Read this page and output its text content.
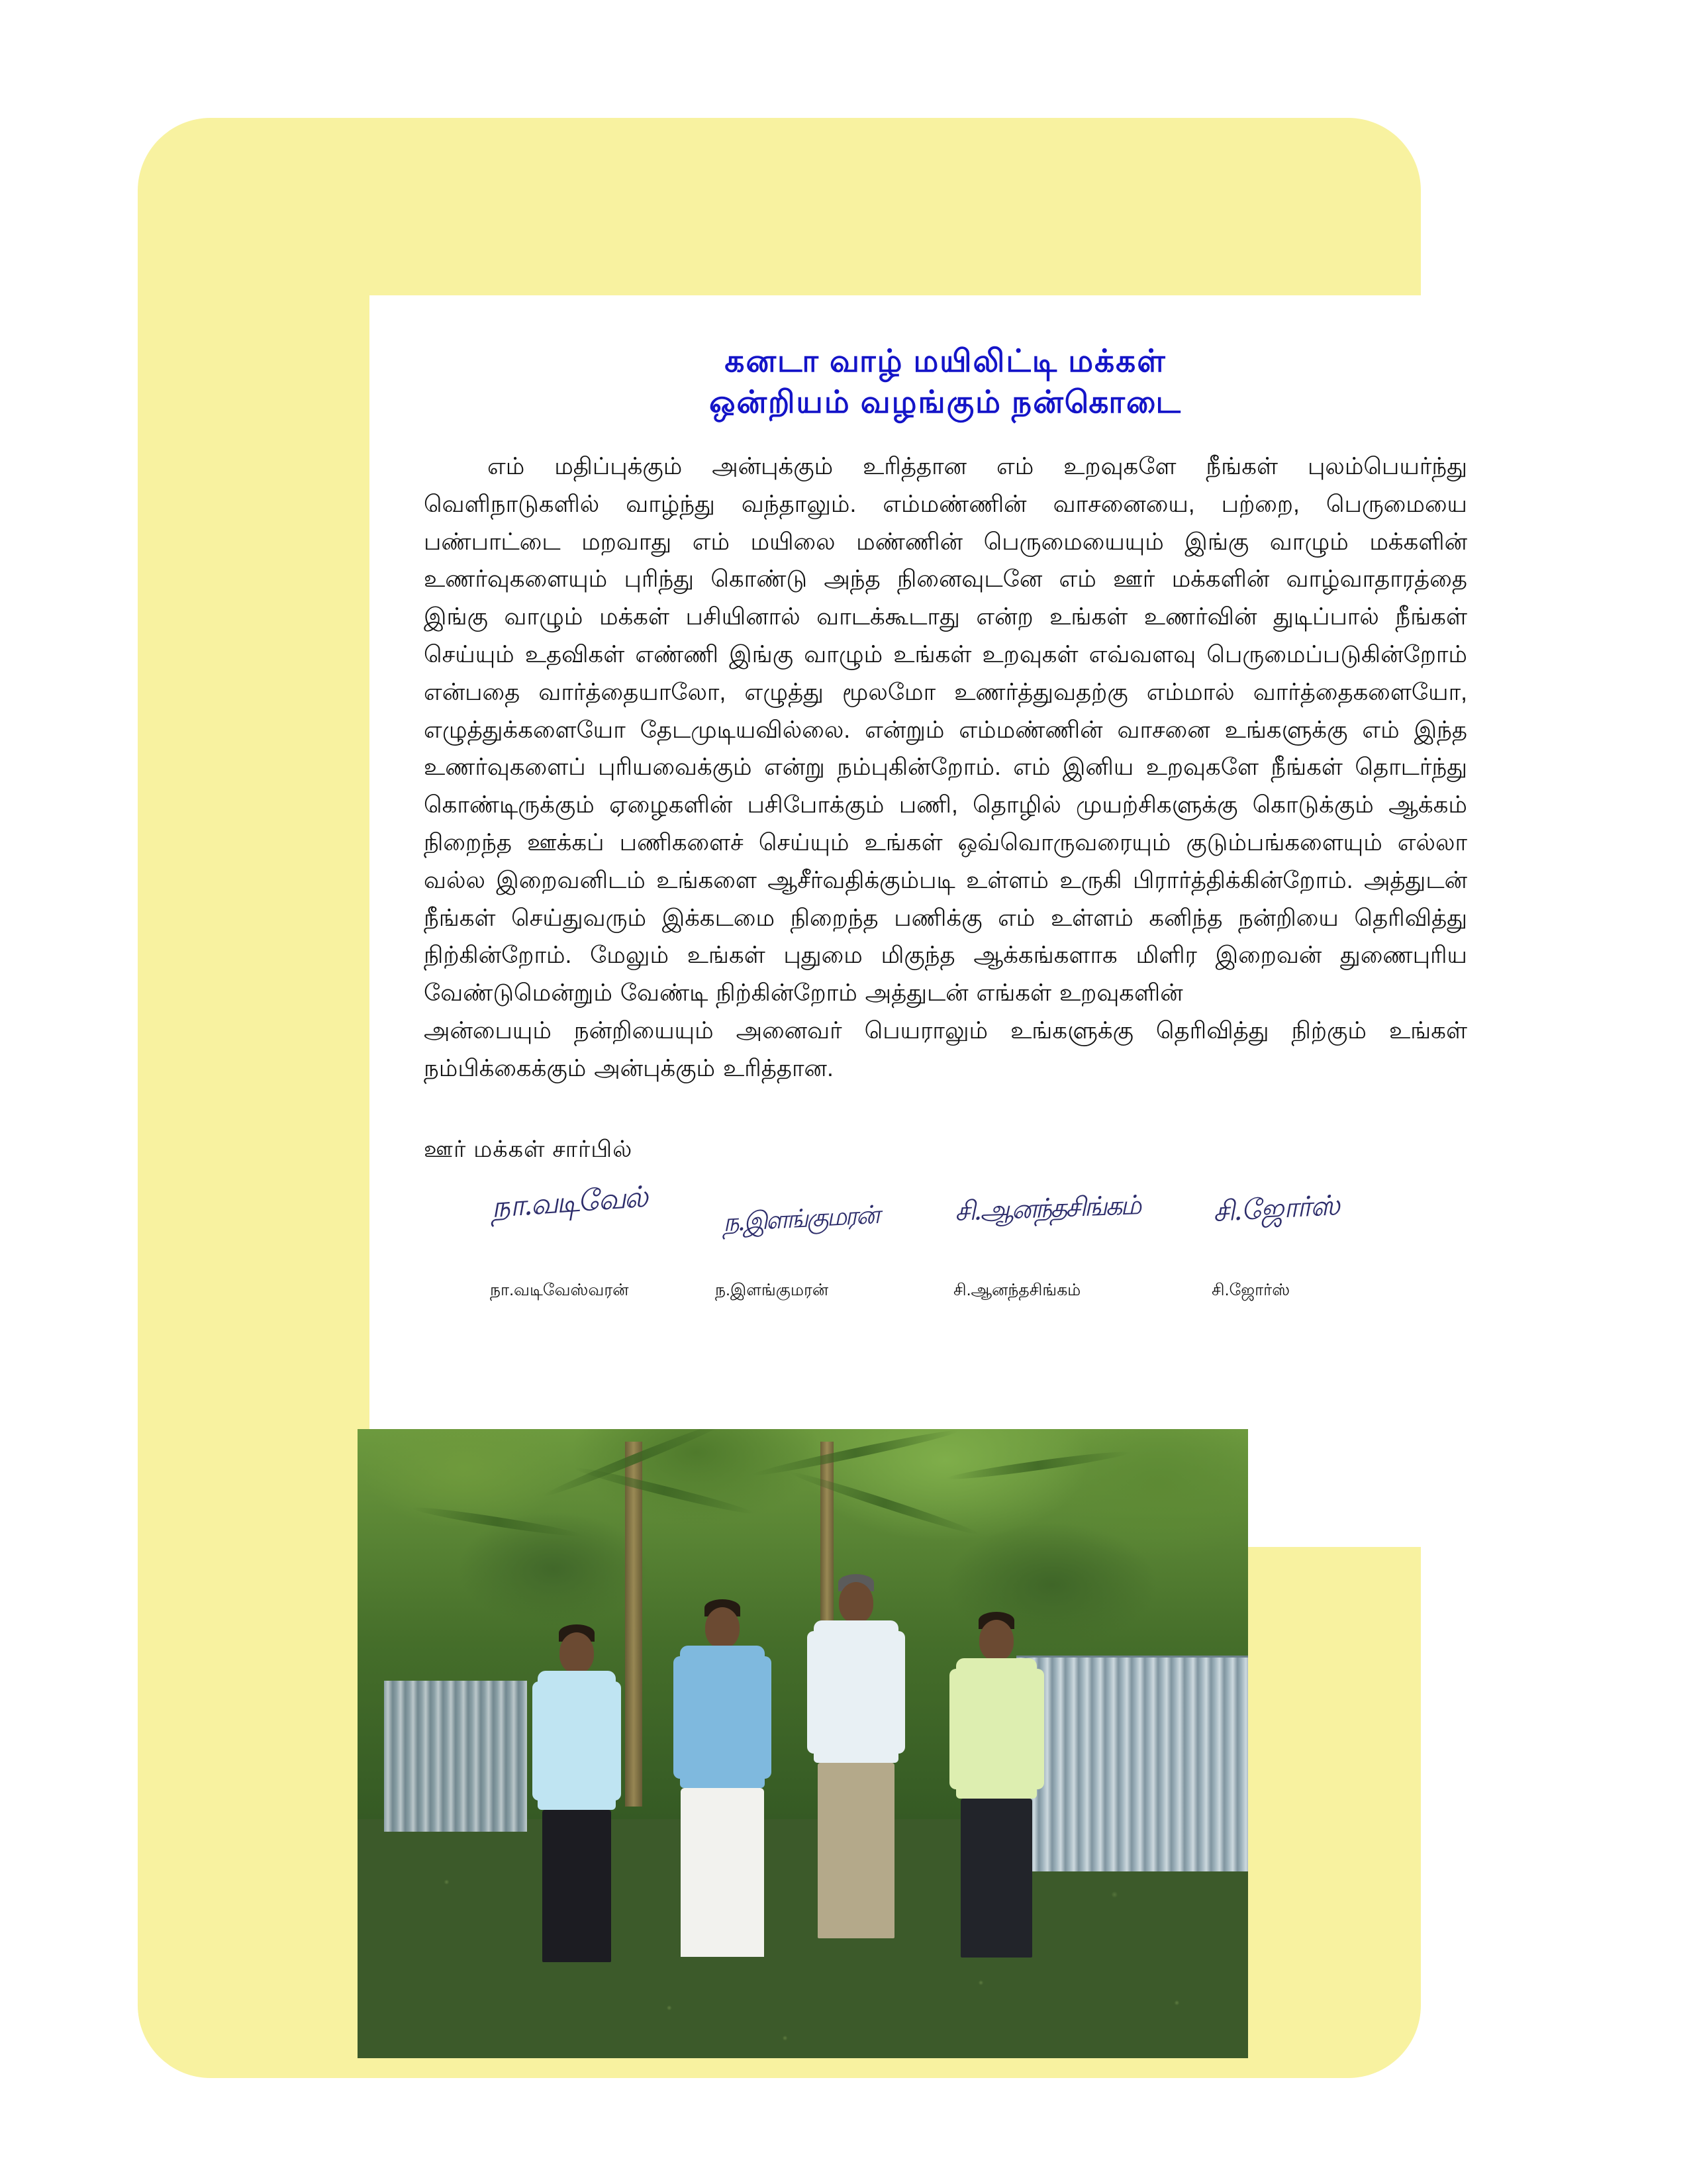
கனடா வாழ் மயிலிட்டி மக்கள்
ஒன்றியம் வழங்கும் நன்கொடை

எம் மதிப்புக்கும் அன்புக்கும் உரித்தான எம் உறவுகளே நீங்கள் புலம்பெயர்ந்து வெளிநாடுகளில் வாழ்ந்து வந்தாலும். எம்மண்ணின் வாசனையை, பற்றை, பெருமையை பண்பாட்டை மறவாது எம் மயிலை மண்ணின் பெருமையையும் இங்கு வாழும் மக்களின் உணர்வுகளையும் புரிந்து கொண்டு அந்த நினைவுடனே எம் ஊர் மக்களின் வாழ்வாதாரத்தை இங்கு வாழும் மக்கள் பசியினால் வாடக்கூடாது என்ற உங்கள் உணர்வின் துடிப்பால் நீங்கள் செய்யும் உதவிகள் எண்ணி இங்கு வாழும் உங்கள் உறவுகள் எவ்வளவு பெருமைப்படுகின்றோம் என்பதை வார்த்தையாலோ, எழுத்து மூலமோ உணர்த்துவதற்கு எம்மால் வார்த்தைகளையோ, எழுத்துக்களையோ தேடமுடியவில்லை. என்றும் எம்மண்ணின் வாசனை உங்களுக்கு எம் இந்த உணர்வுகளைப் புரியவைக்கும் என்று நம்புகின்றோம். எம் இனிய உறவுகளே நீங்கள் தொடர்ந்து கொண்டிருக்கும் ஏழைகளின் பசிபோக்கும் பணி, தொழில் முயற்சிகளுக்கு கொடுக்கும் ஆக்கம் நிறைந்த ஊக்கப் பணிகளைச் செய்யும் உங்கள் ஒவ்வொருவரையும் குடும்பங்களையும் எல்லா வல்ல இறைவனிடம் உங்களை ஆசீர்வதிக்கும்படி உள்ளம் உருகி பிரார்த்திக்கின்றோம். அத்துடன் நீங்கள் செய்துவரும் இக்கடமை நிறைந்த பணிக்கு எம் உள்ளம் கனிந்த நன்றியை தெரிவித்து நிற்கின்றோம். மேலும் உங்கள் புதுமை மிகுந்த ஆக்கங்களாக மிளிர இறைவன் துணைபுரிய வேண்டுமென்றும் வேண்டி நிற்கின்றோம் அத்துடன் எங்கள் உறவுகளின்

அன்பையும் நன்றியையும் அனைவர் பெயராலும் உங்களுக்கு தெரிவித்து நிற்கும் உங்கள் நம்பிக்கைக்கும் அன்புக்கும் உரித்தான.

ஊர் மக்கள் சார்பில்
நா.வடிவேல்	ந.இளங்குமரன்	சி.ஆனந்தசிங்கம்	சி.ஜோர்ஸ்
நா.வடிவேஸ்வரன்	ந.இளங்குமரன்	சி.ஆனந்தசிங்கம்	சி.ஜோர்ஸ்
